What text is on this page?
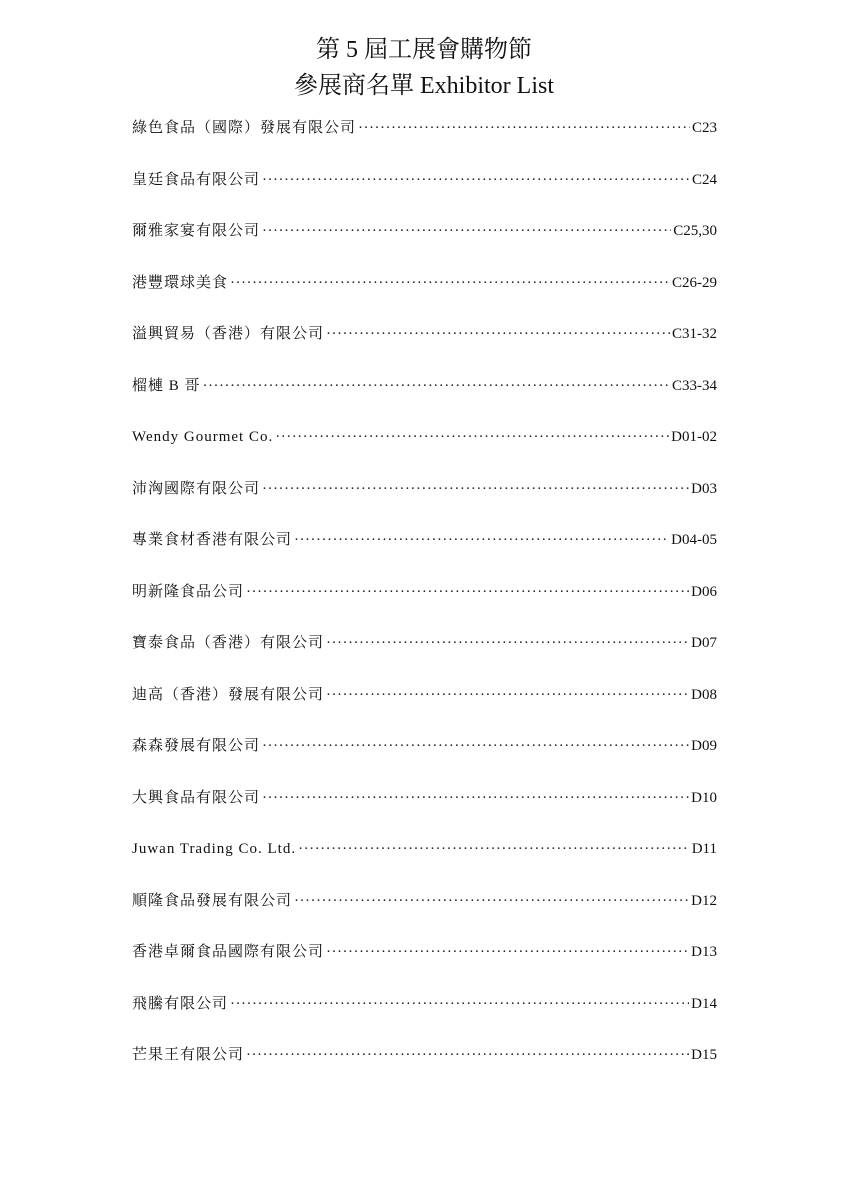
第 5 屆工展會購物節
參展商名單 Exhibitor List
綠色食品（國際）發展有限公司 ·····	C23
皇廷食品有限公司 ·····	C24
爾雅家宴有限公司 ·····	C25,30
港豐環球美食 ·····	C26-29
溢興貿易（香港）有限公司 ·····	C31-32
榴槤 B 哥 ·····	C33-34
Wendy Gourmet Co. ·····	D01-02
沛洶國際有限公司 ·····	D03
專業食材香港有限公司 ·····	D04-05
明新隆食品公司 ·····	D06
寶泰食品（香港）有限公司 ·····	D07
迪高（香港）發展有限公司 ·····	D08
森森發展有限公司 ·····	D09
大興食品有限公司 ·····	D10
Juwan Trading Co. Ltd. ·····	D11
順隆食品發展有限公司 ·····	D12
香港卓爾食品國際有限公司 ·····	D13
飛騰有限公司 ·····	D14
芒果王有限公司 ·····	D15
